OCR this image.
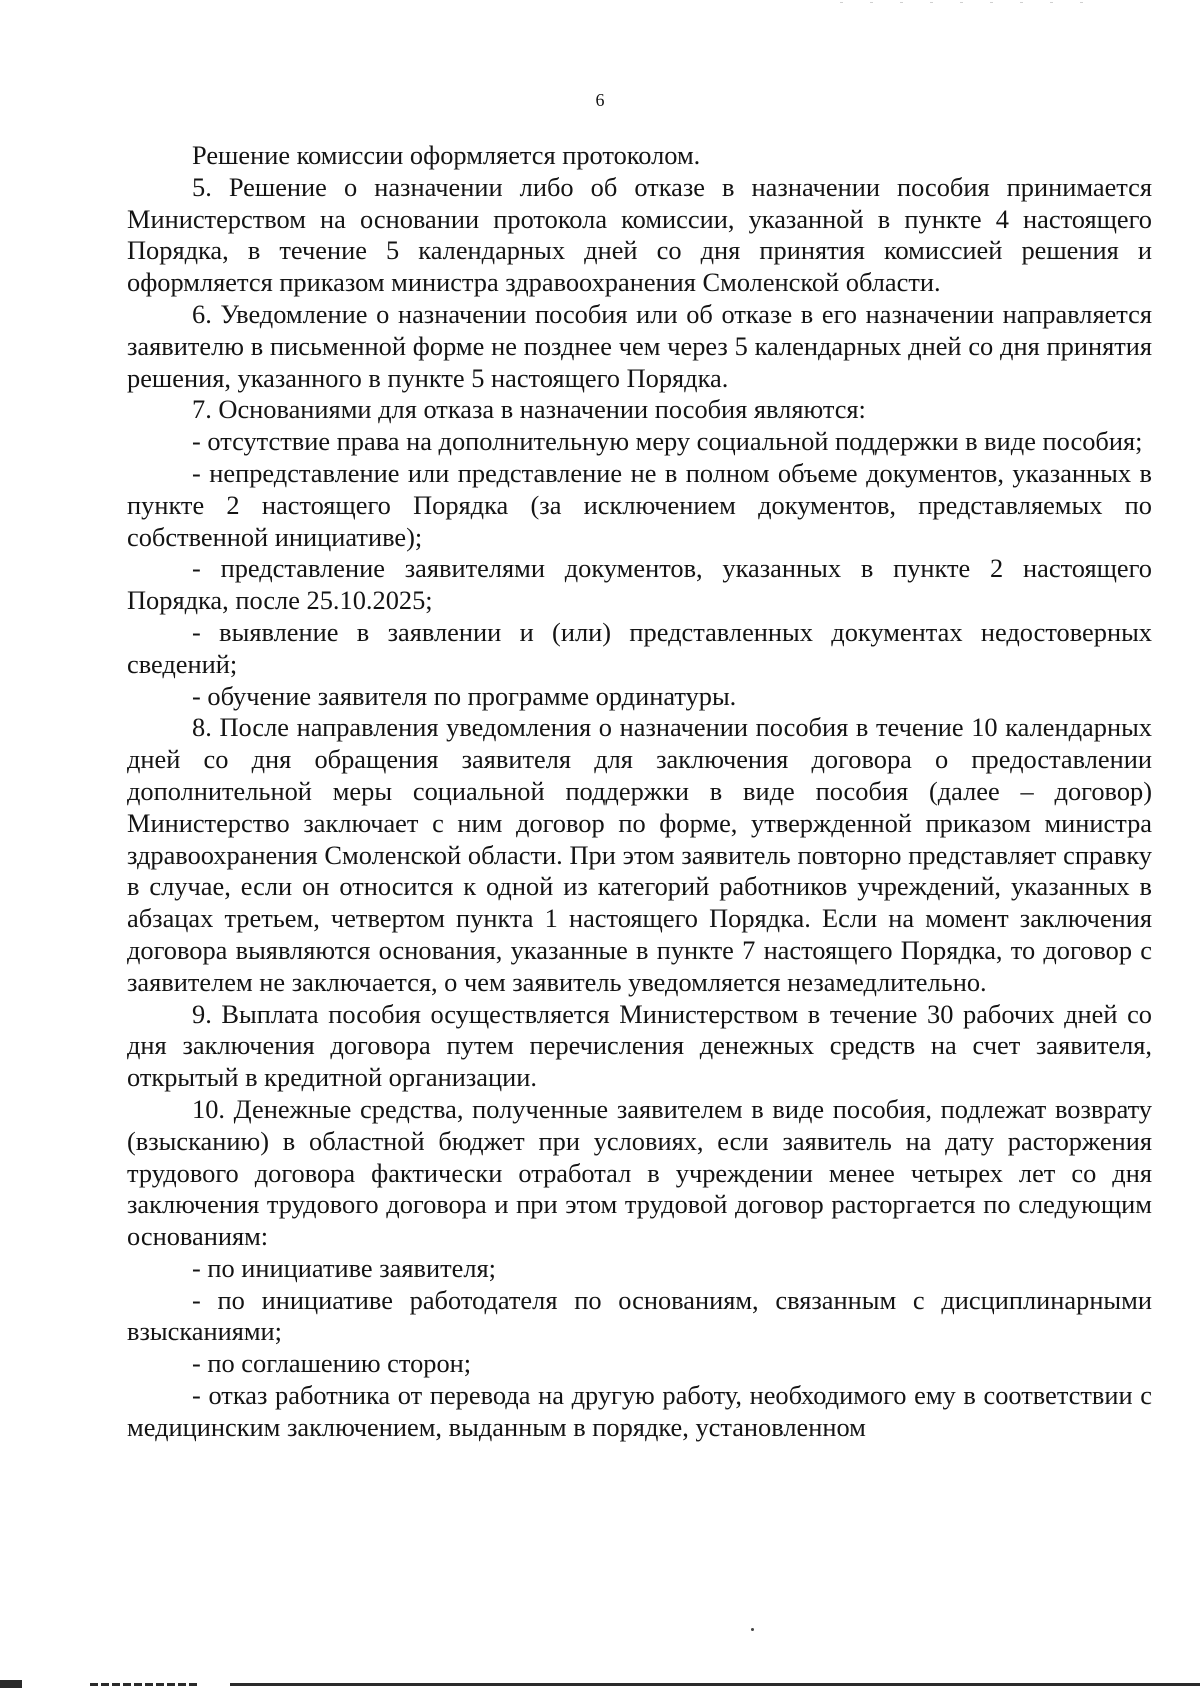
6

Решение комиссии оформляется протоколом.

5. Решение о назначении либо об отказе в назначении пособия принимается Министерством на основании протокола комиссии, указанной в пункте 4 настоящего Порядка, в течение 5 календарных дней со дня принятия комиссией решения и оформляется приказом министра здравоохранения Смоленской области.

6. Уведомление о назначении пособия или об отказе в его назначении направляется заявителю в письменной форме не позднее чем через 5 календарных дней со дня принятия решения, указанного в пункте 5 настоящего Порядка.

7. Основаниями для отказа в назначении пособия являются:

- отсутствие права на дополнительную меру социальной поддержки в виде пособия;

- непредставление или представление не в полном объеме документов, указанных в пункте 2 настоящего Порядка (за исключением документов, представляемых по собственной инициативе);

- представление заявителями документов, указанных в пункте 2 настоящего Порядка, после 25.10.2025;

- выявление в заявлении и (или) представленных документах недостоверных сведений;

- обучение заявителя по программе ординатуры.

8. После направления уведомления о назначении пособия в течение 10 календарных дней со дня обращения заявителя для заключения договора о предоставлении дополнительной меры социальной поддержки в виде пособия (далее – договор) Министерство заключает с ним договор по форме, утвержденной приказом министра здравоохранения Смоленской области. При этом заявитель повторно представляет справку в случае, если он относится к одной из категорий работников учреждений, указанных в абзацах третьем, четвертом пункта 1 настоящего Порядка. Если на момент заключения договора выявляются основания, указанные в пункте 7 настоящего Порядка, то договор с заявителем не заключается, о чем заявитель уведомляется незамедлительно.

9. Выплата пособия осуществляется Министерством в течение 30 рабочих дней со дня заключения договора путем перечисления денежных средств на счет заявителя, открытый в кредитной организации.

10. Денежные средства, полученные заявителем в виде пособия, подлежат возврату (взысканию) в областной бюджет при условиях, если заявитель на дату расторжения трудового договора фактически отработал в учреждении менее четырех лет со дня заключения трудового договора и при этом трудовой договор расторгается по следующим основаниям:

- по инициативе заявителя;

- по инициативе работодателя по основаниям, связанным с дисциплинарными взысканиями;

- по соглашению сторон;

- отказ работника от перевода на другую работу, необходимого ему в соответствии с медицинским заключением, выданным в порядке, установленном
